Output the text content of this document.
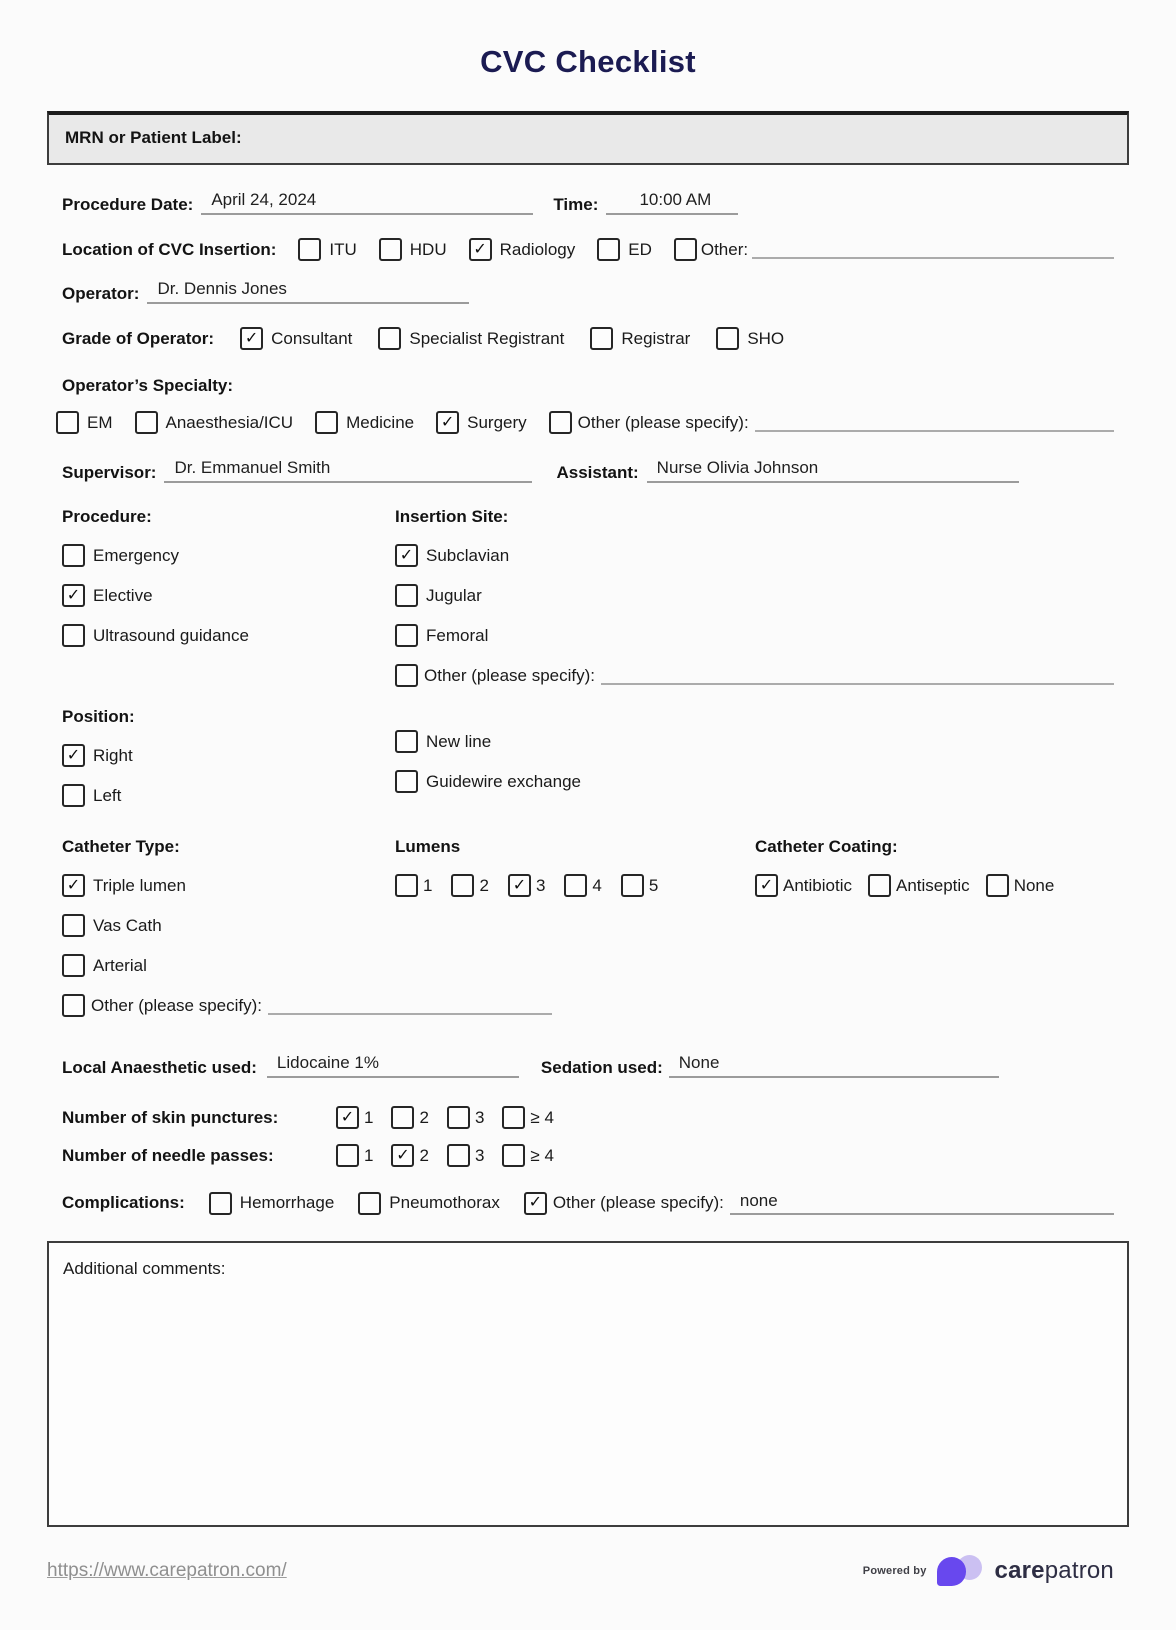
CVC Checklist
MRN or Patient Label:
Procedure Date:	April 24, 2024	Time:	10:00 AM
Location of CVC Insertion:	ITU	HDU ✓ Radiology	ED	Other:
Operator:	Dr. Dennis Jones
Grade of Operator: ✓ Consultant	Specialist Registrant	Registrar	SHO
Operator’s Specialty:
EM	Anaesthesia/ICU	Medicine ✓ Surgery	Other (please specify):
Supervisor:	Dr. Emmanuel Smith	Assistant:	Nurse Olivia Johnson
Procedure:
Emergency
✓ Elective
Ultrasound guidance
Position:
✓ Right
Left
Insertion Site:
✓ Subclavian
Jugular
Femoral
Other (please specify):
New line
Guidewire exchange
Catheter Type:
✓ Triple lumen
Vas Cath
Arterial
Other (please specify):
Lumens
1	2 ✓ 3	4	5
Catheter Coating:
✓ Antibiotic	Antiseptic	None
Local Anaesthetic used:	Lidocaine 1%	Sedation used: None
Number of skin punctures:	✓ 1	2	3	≥ 4
Number of needle passes:	1 ✓ 2	3	≥ 4
Complications:	Hemorrhage	Pneumothorax ✓ Other (please specify): none
Additional comments:
https://www.carepatron.com/	Powered by	carepatron
